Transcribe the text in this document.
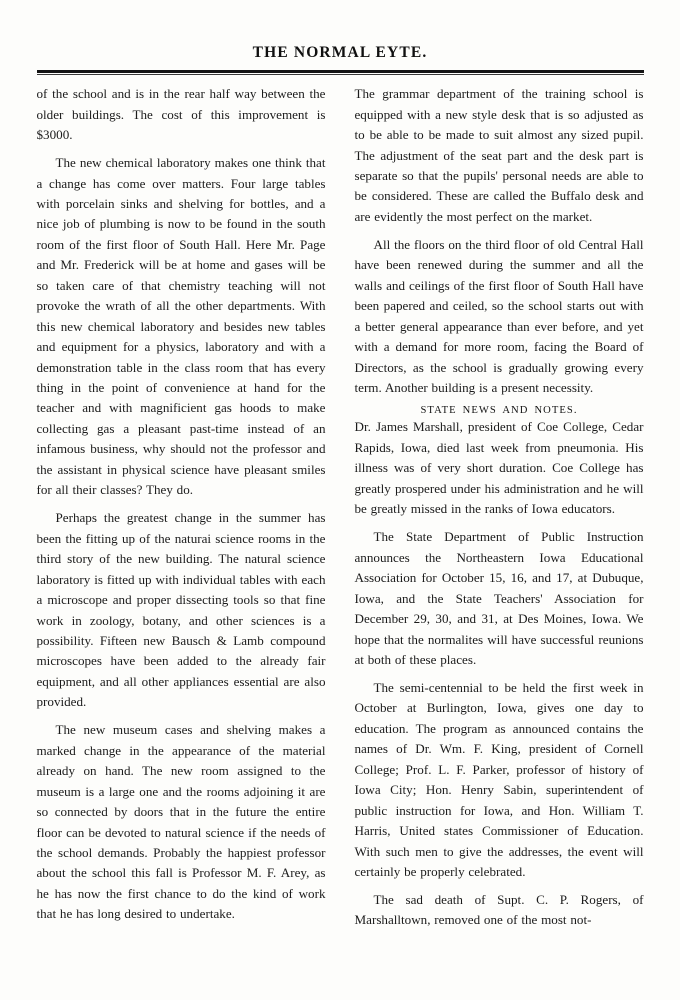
THE NORMAL EYTE.

of the school and is in the rear half way between the older buildings. The cost of this improvement is $3000.

The new chemical laboratory makes one think that a change has come over matters. Four large tables with porcelain sinks and shelving for bottles, and a nice job of plumbing is now to be found in the south room of the first floor of South Hall. Here Mr. Page and Mr. Frederick will be at home and gases will be so taken care of that chemistry teaching will not provoke the wrath of all the other departments. With this new chemical laboratory and besides new tables and equipment for a physics, laboratory and with a demonstration table in the class room that has every thing in the point of convenience at hand for the teacher and with magnificient gas hoods to make collecting gas a pleasant past-time instead of an infamous business, why should not the professor and the assistant in physical science have pleasant smiles for all their classes? They do.

Perhaps the greatest change in the summer has been the fitting up of the naturai science rooms in the third story of the new building. The natural science laboratory is fitted up with individual tables with each a microscope and proper dissecting tools so that fine work in zoology, botany, and other sciences is a possibility. Fifteen new Bausch & Lamb compound microscopes have been added to the already fair equipment, and all other appliances essential are also provided.

The new museum cases and shelving makes a marked change in the appearance of the material already on hand. The new room assigned to the museum is a large one and the rooms adjoining it are so connected by doors that in the future the entire floor can be devoted to natural science if the needs of the school demands. Probably the happiest professor about the school this fall is Professor M. F. Arey, as he has now the first chance to do the kind of work that he has long desired to undertake.

The grammar department of the training school is equipped with a new style desk that is so adjusted as to be able to be made to suit almost any sized pupil. The adjustment of the seat part and the desk part is separate so that the pupils' personal needs are able to be considered. These are called the Buffalo desk and are evidently the most perfect on the market.

All the floors on the third floor of old Central Hall have been renewed during the summer and all the walls and ceilings of the first floor of South Hall have been papered and ceiled, so the school starts out with a better general appearance than ever before, and yet with a demand for more room, facing the Board of Directors, as the school is gradually growing every term. Another building is a present necessity.

STATE NEWS AND NOTES.

Dr. James Marshall, president of Coe College, Cedar Rapids, Iowa, died last week from pneumonia. His illness was of very short duration. Coe College has greatly prospered under his administration and he will be greatly missed in the ranks of Iowa educators.

The State Department of Public Instruction announces the Northeastern Iowa Educational Association for October 15, 16, and 17, at Dubuque, Iowa, and the State Teachers' Association for December 29, 30, and 31, at Des Moines, Iowa. We hope that the normalites will have successful reunions at both of these places.

The semi-centennial to be held the first week in October at Burlington, Iowa, gives one day to education. The program as announced contains the names of Dr. Wm. F. King, president of Cornell College; Prof. L. F. Parker, professor of history of Iowa City; Hon. Henry Sabin, superintendent of public instruction for Iowa, and Hon. William T. Harris, United states Commissioner of Education. With such men to give the addresses, the event will certainly be properly celebrated.

The sad death of Supt. C. P. Rogers, of Marshalltown, removed one of the most not-
